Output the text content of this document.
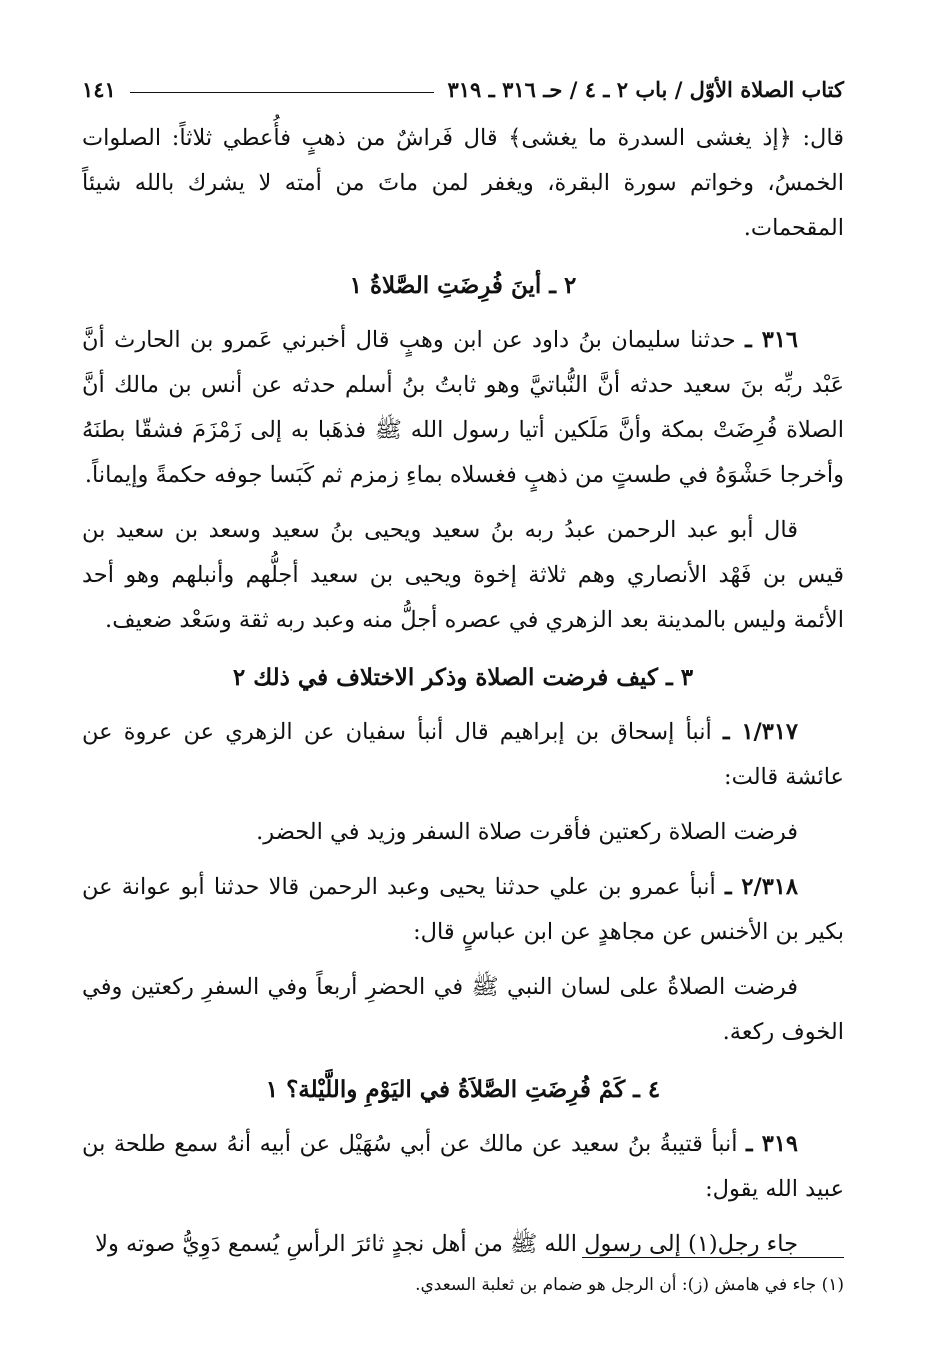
كتاب الصلاة الأوّل / باب ٢ ـ ٤ / حـ ٣١٦ ـ ٣١٩
١٤١

قال: ﴿إذ يغشى السدرة ما يغشى﴾ قال فَراشٌ من ذهبٍ فأُعطي ثلاثاً: الصلوات الخمسُ، وخواتم سورة البقرة، ويغفر لمن ماتَ من أمته لا يشرك بالله شيئاً المقحمات.

٢ ـ أينَ فُرِضَتِ الصَّلاةُ ١

٣١٦ ـ حدثنا سليمان بنُ داود عن ابن وهبٍ قال أخبرني عَمرو بن الحارث أنَّ عَبْد ربِّه بنَ سعيد حدثه أنَّ النُّباتيَّ وهو ثابتُ بنُ أسلم حدثه عن أنس بن مالك أنَّ الصلاة فُرِضَتْ بمكة وأنَّ مَلَكين أتيا رسول الله ﷺ فذهَبا به إلى زَمْزَمَ فشقّا بطنَهُ وأخرجا حَشْوَهُ في طستٍ من ذهبٍ فغسلاه بماءِ زمزم ثم كَبَسا جوفه حكمةً وإيماناً.

قال أبو عبد الرحمن عبدُ ربه بنُ سعيد ويحيى بنُ سعيد وسعد بن سعيد بن قيس بن فَهْد الأنصاري وهم ثلاثة إخوة ويحيى بن سعيد أجلُّهم وأنبلهم وهو أحد الأئمة وليس بالمدينة بعد الزهري في عصره أجلُّ منه وعبد ربه ثقة وسَعْد ضعيف.

٣ ـ كيف فرضت الصلاة وذكر الاختلاف في ذلك ٢

١/٣١٧ ـ أنبأ إسحاق بن إبراهيم قال أنبأ سفيان عن الزهري عن عروة عن عائشة قالت:

فرضت الصلاة ركعتين فأقرت صلاة السفر وزيد في الحضر.

٢/٣١٨ ـ أنبأ عمرو بن علي حدثنا يحيى وعبد الرحمن قالا حدثنا أبو عوانة عن بكير بن الأخنس عن مجاهدٍ عن ابن عباسٍ قال:

فرضت الصلاةُ على لسان النبي ﷺ في الحضرِ أربعاً وفي السفرِ ركعتين وفي الخوف ركعة.

٤ ـ كَمْ فُرِضَتِ الصَّلاَةُ في اليَوْمِ واللَّيْلة؟ ١

٣١٩ ـ أنبأ قتيبةُ بنُ سعيد عن مالك عن أبي سُهَيْل عن أبيه أنهُ سمع طلحة بن عبيد الله يقول:

جاء رجل(١) إلى رسول الله ﷺ من أهل نجدٍ ثائرَ الرأسِ يُسمع دَوِيُّ صوته ولا

(١) جاء في هامش (ز): أن الرجل هو ضمام بن ثعلبة السعدي.
